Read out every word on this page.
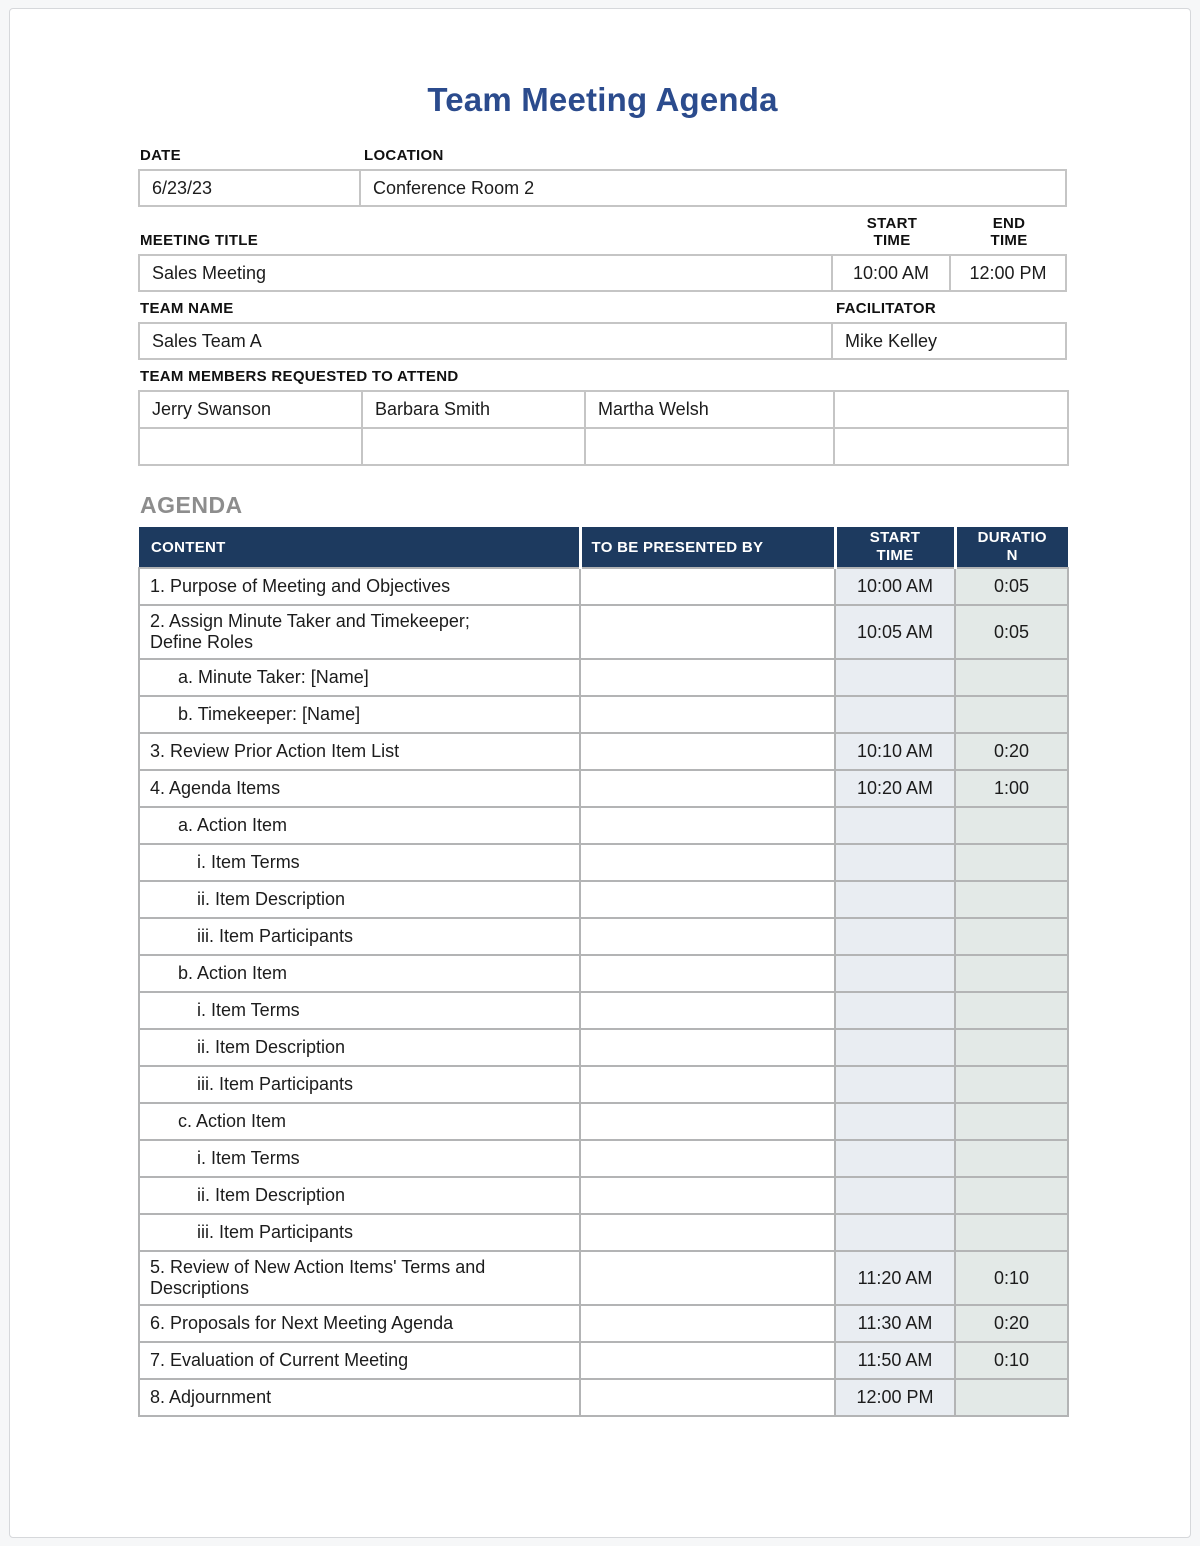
Team Meeting Agenda
DATE	LOCATION
6/23/23	Conference Room 2
MEETING TITLE
START TIME
END TIME
Sales Meeting	10:00 AM 12:00 PM
TEAM NAME	FACILITATOR
Sales Team A	Mike Kelley
TEAM MEMBERS REQUESTED TO ATTEND
Jerry Swanson	Barbara Smith	Martha Welsh	

AGENDA
CONTENT	TO BE PRESENTED BY	START TIME	DURATION
1. Purpose of Meeting and Objectives		10:00 AM	0:05
2. Assign Minute Taker and Timekeeper; Define Roles		10:05 AM	0:05
a. Minute Taker: [Name]			
b. Timekeeper: [Name]			
3. Review Prior Action Item List		10:10 AM	0:20
4. Agenda Items		10:20 AM	1:00
a. Action Item			
i. Item Terms			
ii. Item Description			
iii. Item Participants			
b. Action Item			
i. Item Terms			
ii. Item Description			
iii. Item Participants			
c. Action Item			
i. Item Terms			
ii. Item Description			
iii. Item Participants			
5. Review of New Action Items' Terms and Descriptions		11:20 AM	0:10
6. Proposals for Next Meeting Agenda		11:30 AM	0:20
7. Evaluation of Current Meeting		11:50 AM	0:10
8. Adjournment		12:00 PM	
